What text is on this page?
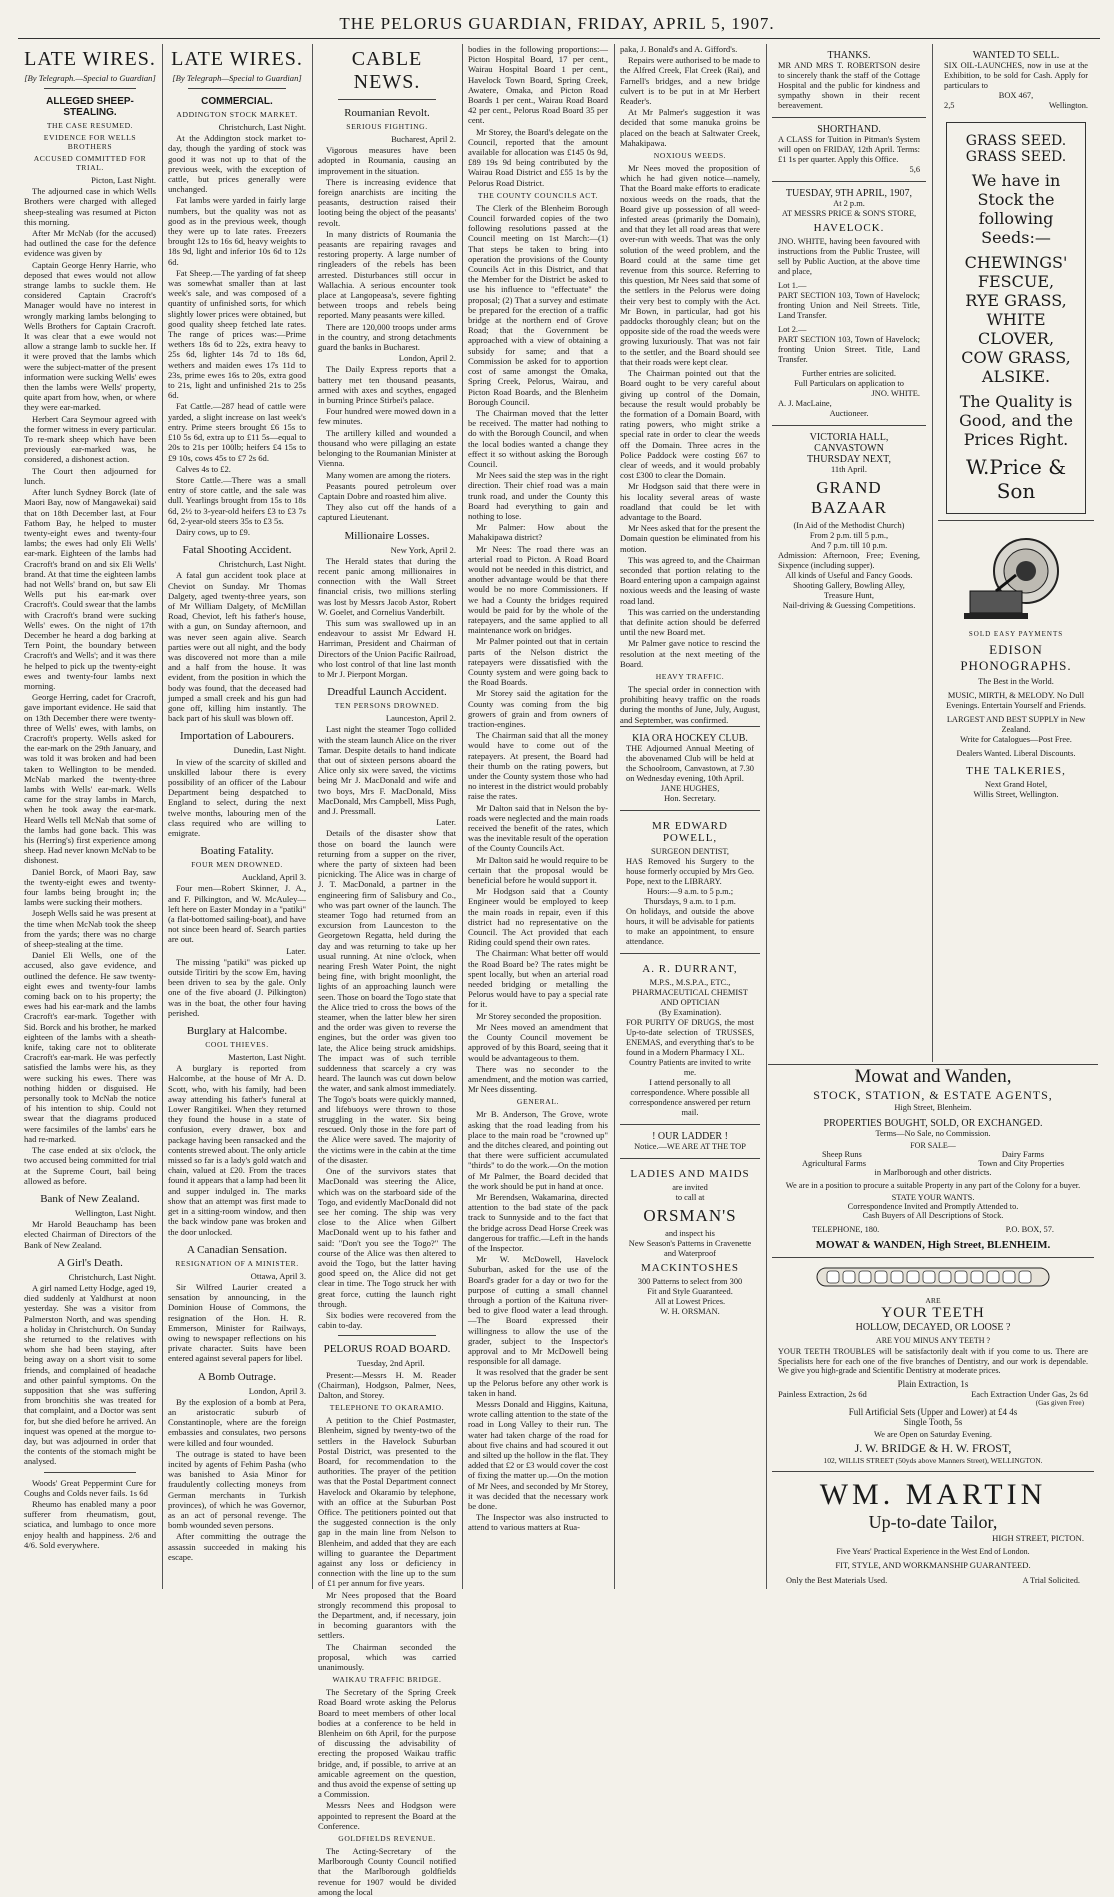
THE PELORUS GUARDIAN, FRIDAY, APRIL 5, 1907.
LATE WIRES.
[By Telegraph.—Special to Guardian]
ALLEGED SHEEP-STEALING.
THE CASE RESUMED.
EVIDENCE FOR WELLS BROTHERS
ACCUSED COMMITTED FOR TRIAL.

Picton, Last Night.

The adjourned case in which Wells Brothers were charged with alleged sheep-stealing was resumed at Picton this morning.

After Mr McNab (for the accused) had outlined the case for the defence evidence was given by

Captain George Henry Harrie, who deposed that ewes would not allow strange lambs to suckle them. He considered Captain Cracroft's Manager would have no interest in wrongly marking lambs belonging to Wells Brothers for Captain Cracroft. It was clear that a ewe would not allow a strange lamb to suckle her. If it were proved that the lambs which were the subject-matter of the present information were sucking Wells' ewes then the lambs were Wells' property, quite apart from how, when, or where they were ear-marked.

Herbert Cara Seymour agreed with the former witness in every particular. To re-mark sheep which have been previously ear-marked was, he considered, a dishonest action.

The Court then adjourned for lunch.

After lunch Sydney Borck (late of Maori Bay, now of Mangawekai) said that on 18th December last, at Four Fathom Bay, he helped to muster twenty-eight ewes and twenty-four lambs; the ewes had only Eli Wells' ear-mark. Eighteen of the lambs had Cracroft's brand on and six Eli Wells' brand. At that time the eighteen lambs had not Wells' brand on, but saw Eli Wells put his ear-mark over Cracroft's. Could swear that the lambs with Cracroft's brand were sucking Wells' ewes. On the night of 17th December he heard a dog barking at Tern Point, the boundary between Cracroft's and Wells'; and it was there he helped to pick up the twenty-eight ewes and twenty-four lambs next morning.

George Herring, cadet for Cracroft, gave important evidence. He said that on 13th December there were twenty-three of Wells' ewes, with lambs, on Cracroft's property. Wells asked for the ear-mark on the 29th January, and was told it was broken and had been taken to Wellington to be mended. McNab marked the twenty-three lambs with Wells' ear-mark. Wells came for the stray lambs in March, when he took away the ear-mark. Heard Wells tell McNab that some of the lambs had gone back. This was his (Herring's) first experience among sheep. Had never known McNab to be dishonest.

Daniel Borck, of Maori Bay, saw the twenty-eight ewes and twenty-four lambs being brought in; the lambs were sucking their mothers.

Joseph Wells said he was present at the time when McNab took the sheep from the yards; there was no charge of sheep-stealing at the time.

Daniel Eli Wells, one of the accused, also gave evidence, and outlined the defence. He saw twenty-eight ewes and twenty-four lambs coming back on to his property; the ewes had his ear-mark and the lambs Cracroft's ear-mark. Together with Sid. Borck and his brother, he marked eighteen of the lambs with a sheath-knife, taking care not to obliterate Cracroft's ear-mark. He was perfectly satisfied the lambs were his, as they were sucking his ewes. There was nothing hidden or disguised. He personally took to McNab the notice of his intention to ship. Could not swear that the diagrams produced were facsimiles of the lambs' ears he had re-marked.

The case ended at six o'clock, the two accused being committed for trial at the Supreme Court, bail being allowed as before.

Bank of New Zealand.

Wellington, Last Night.

Mr Harold Beauchamp has been elected Chairman of Directors of the Bank of New Zealand.

A Girl's Death.

Christchurch, Last Night.

A girl named Letty Hodge, aged 19, died suddenly at Yaldhurst at noon yesterday. She was a visitor from Palmerston North, and was spending a holiday in Christchurch. On Sunday she returned to the relatives with whom she had been staying, after being away on a short visit to some friends, and complained of headache and other painful symptoms. On the supposition that she was suffering from bronchitis she was treated for that complaint, and a Doctor was sent for, but she died before he arrived. An inquest was opened at the morgue to-day, but was adjourned in order that the contents of the stomach might be analysed.

Woods' Great Peppermint Cure for Coughs and Colds never fails. 1s 6d

Rheumo has enabled many a poor sufferer from rheumatism, gout, sciatica, and lumbago to once more enjoy health and happiness. 2/6 and 4/6. Sold everywhere.

LATE WIRES.
[By Telegraph—Special to Guardian]
COMMERCIAL.
ADDINGTON STOCK MARKET.

Christchurch, Last Night.

At the Addington stock market to-day, though the yarding of stock was good it was not up to that of the previous week, with the exception of cattle, but prices generally were unchanged.

Fat lambs were yarded in fairly large numbers, but the quality was not as good as in the previous week, though they were up to late rates. Freezers brought 12s to 16s 6d, heavy weights to 18s 9d, light and inferior 10s 6d to 12s 6d.

Fat Sheep.—The yarding of fat sheep was somewhat smaller than at last week's sale, and was composed of a quantity of unfinished sorts, for which slightly lower prices were obtained, but good quality sheep fetched late rates. The range of prices was:—Prime wethers 18s 6d to 22s, extra heavy to 25s 6d, lighter 14s 7d to 18s 6d, wethers and maiden ewes 17s 11d to 23s, prime ewes 16s to 20s, extra good to 21s, light and unfinished 21s to 25s 6d.

Fat Cattle.—287 head of cattle were yarded, a slight increase on last week's entry. Prime steers brought £6 15s to £10 5s 6d, extra up to £11 5s—equal to 20s to 21s per 100lb; heifers £4 15s to £9 10s, cows 45s to £7 2s 6d.

Calves 4s to £2.

Store Cattle.—There was a small entry of store cattle, and the sale was dull. Yearlings brought from 15s to 18s 6d, 2½ to 3-year-old heifers £3 to £3 7s 6d, 2-year-old steers 35s to £3 5s.

Dairy cows, up to £9.

Fatal Shooting Accident.

Christchurch, Last Night.

A fatal gun accident took place at Cheviot on Sunday. Mr Thomas Dalgety, aged twenty-three years, son of Mr William Dalgety, of McMillan Road, Cheviot, left his father's house, with a gun, on Sunday afternoon, and was never seen again alive. Search parties were out all night, and the body was discovered not more than a mile and a half from the house. It was evident, from the position in which the body was found, that the deceased had jumped a small creek and his gun had gone off, killing him instantly. The back part of his skull was blown off.

Importation of Labourers.

Dunedin, Last Night.

In view of the scarcity of skilled and unskilled labour there is every possibility of an officer of the Labour Department being despatched to England to select, during the next twelve months, labouring men of the class required who are willing to emigrate.

Boating Fatality.
FOUR MEN DROWNED.

Auckland, April 3.

Four men—Robert Skinner, J. A., and F. Pilkington, and W. McAuley—left here on Easter Monday in a "patiki" (a flat-bottomed sailing-boat), and have not since been heard of. Search parties are out.

Later.

The missing "patiki" was picked up outside Tiritiri by the scow Em, having been driven to sea by the gale. Only one of the five aboard (J. Pilkington) was in the boat, the other four having perished.

Burglary at Halcombe.
COOL THIEVES.

Masterton, Last Night.

A burglary is reported from Halcombe, at the house of Mr A. D. Scott, who, with his family, had been away attending his father's funeral at Lower Rangitikei. When they returned they found the house in a state of confusion, every drawer, box and package having been ransacked and the contents strewed about. The only article missed so far is a lady's gold watch and chain, valued at £20. From the traces found it appears that a lamp had been lit and supper indulged in. The marks show that an attempt was first made to get in a sitting-room window, and then the back window pane was broken and the door unlocked.

A Canadian Sensation.
RESIGNATION OF A MINISTER.

Ottawa, April 3.

Sir Wilfred Laurier created a sensation by announcing, in the Dominion House of Commons, the resignation of the Hon. H. R. Emmerson, Minister for Railways, owing to newspaper reflections on his private character. Suits have been entered against several papers for libel.

A Bomb Outrage.

London, April 3.

By the explosion of a bomb at Pera, an aristocratic suburb of Constantinople, where are the foreign embassies and consulates, two persons were killed and four wounded.

The outrage is stated to have been incited by agents of Fehim Pasha (who was banished to Asia Minor for fraudulently collecting moneys from German merchants in Turkish provinces), of which he was Governor, as an act of personal revenge. The bomb wounded seven persons.

After committing the outrage the assassin succeeded in making his escape.

CABLE NEWS.
Roumanian Revolt.
SERIOUS FIGHTING.

Bucharest, April 2.

Vigorous measures have been adopted in Roumania, causing an improvement in the situation.

There is increasing evidence that foreign anarchists are inciting the peasants, destruction raised their looting being the object of the peasants' revolt.

In many districts of Roumania the peasants are repairing ravages and restoring property. A large number of ringleaders of the rebels has been arrested. Disturbances still occur in Wallachia. A serious encounter took place at Langopeasa's, severe fighting between troops and rebels being reported. Many peasants were killed.

There are 120,000 troops under arms in the country, and strong detachments guard the banks in Bucharest.

London, April 2.

The Daily Express reports that a battery met ten thousand peasants, armed with axes and scythes, engaged in burning Prince Stirbei's palace.

Four hundred were mowed down in a few minutes.

The artillery killed and wounded a thousand who were pillaging an estate belonging to the Roumanian Minister at Vienna.

Many women are among the rioters.

Peasants poured petroleum over Captain Dobre and roasted him alive.

They also cut off the hands of a captured Lieutenant.

Millionaire Losses.

New York, April 2.

The Herald states that during the recent panic among millionaires in connection with the Wall Street financial crisis, two millions sterling was lost by Messrs Jacob Astor, Robert W. Goelet, and Cornelius Vanderbilt.

This sum was swallowed up in an endeavour to assist Mr Edward H. Harriman, President and Chairman of Directors of the Union Pacific Railroad, who lost control of that line last month to Mr J. Pierpont Morgan.

Dreadful Launch Accident.
TEN PERSONS DROWNED.

Launceston, April 2.

Last night the steamer Togo collided with the steam launch Alice on the river Tamar. Despite details to hand indicate that out of sixteen persons aboard the Alice only six were saved, the victims being Mr J. MacDonald and wife and two boys, Mrs F. MacDonald, Miss MacDonald, Mrs Campbell, Miss Pugh, and J. Pressmall.

Later.

Details of the disaster show that those on board the launch were returning from a supper on the river, where the party of sixteen had been picnicking. The Alice was in charge of J. T. MacDonald, a partner in the engineering firm of Salisbury and Co., who was part owner of the launch. The steamer Togo had returned from an excursion from Launceston to the Georgetown Regatta, held during the day and was returning to take up her usual running. At nine o'clock, when nearing Fresh Water Point, the night being fine, with bright moonlight, the lights of an approaching launch were seen. Those on board the Togo state that the Alice tried to cross the bows of the steamer, when the latter blew her siren and the order was given to reverse the engines, but the order was given too late, the Alice being struck amidships. The impact was of such terrible suddenness that scarcely a cry was heard. The launch was cut down below the water, and sank almost immediately. The Togo's boats were quickly manned, and lifebuoys were thrown to those struggling in the water. Six being rescued. Only those in the fore part of the Alice were saved. The majority of the victims were in the cabin at the time of the disaster.

One of the survivors states that MacDonald was steering the Alice, which was on the starboard side of the Togo, and evidently MacDonald did not see her coming. The ship was very close to the Alice when Gilbert MacDonald went up to his father and said: "Don't you see the Togo?" The course of the Alice was then altered to avoid the Togo, but the latter having good speed on, the Alice did not get clear in time. The Togo struck her with great force, cutting the launch right through.

Six bodies were recovered from the cabin to-day.

PELORUS ROAD BOARD.

Tuesday, 2nd April.

Present:—Messrs H. M. Reader (Chairman), Hodgson, Palmer, Nees, Dalton, and Storey.

TELEPHONE TO OKARAMIO.

A petition to the Chief Postmaster, Blenheim, signed by twenty-two of the settlers in the Havelock Suburban Postal District, was presented to the Board, for recommendation to the authorities. The prayer of the petition was that the Postal Department connect Havelock and Okaramio by telephone, with an office at the Suburban Post Office. The petitioners pointed out that the suggested connection is the only gap in the main line from Nelson to Blenheim, and added that they are each willing to guarantee the Department against any loss or deficiency in connection with the line up to the sum of £1 per annum for five years.

Mr Nees proposed that the Board strongly recommend this proposal to the Department, and, if necessary, join in becoming guarantors with the settlers.

The Chairman seconded the proposal, which was carried unanimously.

WAIKAU TRAFFIC BRIDGE.

The Secretary of the Spring Creek Road Board wrote asking the Pelorus Board to meet members of other local bodies at a conference to be held in Blenheim on 6th April, for the purpose of discussing the advisability of erecting the proposed Waikau traffic bridge, and, if possible, to arrive at an amicable agreement on the question, and thus avoid the expense of setting up a Commission.

Messrs Nees and Hodgson were appointed to represent the Board at the Conference.

GOLDFIELDS REVENUE.

The Acting-Secretary of the Marlborough County Council notified that the Marlborough goldfields revenue for 1907 would be divided among the local

bodies in the following proportions:—Picton Hospital Board, 17 per cent., Wairau Hospital Board 1 per cent., Havelock Town Board, Spring Creek, Awatere, Omaka, and Picton Road Boards 1 per cent., Wairau Road Board 42 per cent., Pelorus Road Board 35 per cent.

Mr Storey, the Board's delegate on the Council, reported that the amount available for allocation was £145 0s 9d, £89 19s 9d being contributed by the Wairau Road District and £55 1s by the Pelorus Road District.

THE COUNTY COUNCILS ACT.

The Clerk of the Blenheim Borough Council forwarded copies of the two following resolutions passed at the Council meeting on 1st March:—(1) That steps be taken to bring into operation the provisions of the County Councils Act in this District, and that the Member for the District be asked to use his influence to "effectuate" the proposal; (2) That a survey and estimate be prepared for the erection of a traffic bridge at the northern end of Grove Road; that the Government be approached with a view of obtaining a subsidy for same; and that a Commission be asked for to apportion cost of same amongst the Omaka, Spring Creek, Pelorus, Wairau, and Picton Road Boards, and the Blenheim Borough Council.

The Chairman moved that the letter be received. The matter had nothing to do with the Borough Council, and when the local bodies wanted a change they effect it so without asking the Borough Council.

Mr Nees said the step was in the right direction. Their chief road was a main trunk road, and under the County this Board had everything to gain and nothing to lose.

Mr Palmer: How about the Mahakipawa district?

Mr Nees: The road there was an arterial road to Picton. A Road Board would not be needed in this district, and another advantage would be that there would be no more Commissioners. If we had a County the bridges required would be paid for by the whole of the ratepayers, and the same applied to all maintenance work on bridges.

Mr Palmer pointed out that in certain parts of the Nelson district the ratepayers were dissatisfied with the County system and were going back to the Road Boards.

Mr Storey said the agitation for the County was coming from the big growers of grain and from owners of traction-engines.

The Chairman said that all the money would have to come out of the ratepayers. At present, the Board had their thumb on the rating powers, but under the County system those who had no interest in the district would probably raise the rates.

Mr Dalton said that in Nelson the by-roads were neglected and the main roads received the benefit of the rates, which was the inevitable result of the operation of the County Councils Act.

Mr Dalton said he would require to be certain that the proposal would be beneficial before he would support it.

Mr Hodgson said that a County Engineer would be employed to keep the main roads in repair, even if this district had no representative on the Council. The Act provided that each Riding could spend their own rates.

The Chairman: What better off would the Road Board be? The rates might be spent locally, but when an arterial road needed bridging or metalling the Pelorus would have to pay a special rate for it.

Mr Storey seconded the proposition.

Mr Nees moved an amendment that the County Council movement be approved of by this Board, seeing that it would be advantageous to them.

There was no seconder to the amendment, and the motion was carried, Mr Nees dissenting.

GENERAL.

Mr B. Anderson, The Grove, wrote asking that the road leading from his place to the main road be "crowned up" and the ditches cleared, and pointing out that there were sufficient accumulated "thirds" to do the work.—On the motion of Mr Palmer, the Board decided that the work should be put in hand at once.

Mr Berendsen, Wakamarina, directed attention to the bad state of the pack track to Sunnyside and to the fact that the bridge across Dead Horse Creek was dangerous for traffic.—Left in the hands of the Inspector.

Mr W. McDowell, Havelock Suburban, asked for the use of the Board's grader for a day or two for the purpose of cutting a small channel through a portion of the Kaituna river-bed to give flood water a lead through.—The Board expressed their willingness to allow the use of the grader, subject to the Inspector's approval and to Mr McDowell being responsible for all damage.

It was resolved that the grader be sent up the Pelorus before any other work is taken in hand.

Messrs Donald and Higgins, Kaituna, wrote calling attention to the state of the road in Long Valley to their run. The water had taken charge of the road for about five chains and had scoured it out and silted up the hollow in the flat. They added that £2 or £3 would cover the cost of fixing the matter up.—On the motion of Mr Nees, and seconded by Mr Storey, it was decided that the necessary work be done.

The Inspector was also instructed to attend to various matters at Rua-

paka, J. Bonald's and A. Gifford's.

Repairs were authorised to be made to the Alfred Creek, Flat Creek (Rai), and Farnell's bridges, and a new bridge culvert is to be put in at Mr Herbert Reader's.

At Mr Palmer's suggestion it was decided that some manuka groins be placed on the beach at Saltwater Creek, Mahakipawa.

NOXIOUS WEEDS.

Mr Nees moved the proposition of which he had given notice—namely, That the Board make efforts to eradicate noxious weeds on the roads, that the Board give up possession of all weed-infested areas (primarily the Domain), and that they let all road areas that were over-run with weeds. That was the only solution of the weed problem, and the Board could at the same time get revenue from this source. Referring to this question, Mr Nees said that some of the settlers in the Pelorus were doing their very best to comply with the Act. Mr Bown, in particular, had got his paddocks thoroughly clean; but on the opposite side of the road the weeds were growing luxuriously. That was not fair to the settler, and the Board should see that their roads were kept clear.

The Chairman pointed out that the Board ought to be very careful about giving up control of the Domain, because the result would probably be the formation of a Domain Board, with rating powers, who might strike a special rate in order to clear the weeds off the Domain. Three acres in the Police Paddock were costing £67 to clear of weeds, and it would probably cost £300 to clear the Domain.

Mr Hodgson said that there were in his locality several areas of waste roadland that could be let with advantage to the Board.

Mr Nees asked that for the present the Domain question be eliminated from his motion.

This was agreed to, and the Chairman seconded that portion relating to the Board entering upon a campaign against noxious weeds and the leasing of waste road land.

This was carried on the understanding that definite action should be deferred until the new Board met.

Mr Palmer gave notice to rescind the resolution at the next meeting of the Board.

HEAVY TRAFFIC.

The special order in connection with prohibiting heavy traffic on the roads during the months of June, July, August, and September, was confirmed.

KIA ORA HOCKEY CLUB.
THE Adjourned Annual Meeting of the abovenamed Club will be held at the Schoolroom, Canvastown, at 7.30 on Wednesday evening, 10th April.
JANE HUGHES,
Hon. Secretary.
MR EDWARD POWELL,
SURGEON DENTIST,
HAS Removed his Surgery to the house formerly occupied by Mrs Geo. Pope, next to the LIBRARY.
Hours:—9 a.m. to 5 p.m.;
Thursdays, 9 a.m. to 1 p.m.
On holidays, and outside the above hours, it will be advisable for patients to make an appointment, to ensure attendance.
A. R. DURRANT,
M.P.S., M.S.P.A., ETC.,
PHARMACEUTICAL CHEMIST AND OPTICIAN
(By Examination).
FOR PURITY OF DRUGS, the most Up-to-date selection of TRUSSES, ENEMAS, and everything that's to be found in a Modern Pharmacy I XL.
Country Patients are invited to write me.
I attend personally to all correspondence. Where possible all correspondence answered per return mail.
! OUR LADDER !
Notice.—WE ARE AT THE TOP
LADIES AND MAIDS
are invited
to call at
ORSMAN'S
and inspect his
New Season's Patterns in Cravenette and Waterproof
MACKINTOSHES
300 Patterns to select from 300
Fit and Style Guaranteed.
All at Lowest Prices.
W. H. ORSMAN.
THANKS.
MR AND MRS T. ROBERTSON desire to sincerely thank the staff of the Cottage Hospital and the public for kindness and sympathy shown in their recent bereavement.
SHORTHAND.
A CLASS for Tuition in Pitman's System will open on FRIDAY, 12th April. Terms: £1 1s per quarter. Apply this Office.
5,6
TUESDAY, 9TH APRIL, 1907,
At 2 p.m.
AT MESSRS PRICE & SON'S STORE,
HAVELOCK.
JNO. WHITE, having been favoured with instructions from the Public Trustee, will sell by Public Auction, at the above time and place,
Lot 1.—
PART SECTION 103, Town of Havelock; fronting Union and Neil Streets. Title, Land Transfer.
Lot 2.—
PART SECTION 103, Town of Havelock; fronting Union Street. Title, Land Transfer.
Further entries are solicited.
Full Particulars on application to
JNO. WHITE.
A. J. MacLaine,
Auctioneer.
VICTORIA HALL, CANVASTOWN
THURSDAY NEXT,
11th April.
GRAND BAZAAR
(In Aid of the Methodist Church)
From 2 p.m. till 5 p.m.,
And 7 p.m. till 10 p.m.
Admission: Afternoon, Free; Evening, Sixpence (including supper).
All kinds of Useful and Fancy Goods.
Shooting Gallery, Bowling Alley,
Treasure Hunt,
Nail-driving & Guessing Competitions.
WANTED TO SELL.
SIX OIL-LAUNCHES, now in use at the Exhibition, to be sold for Cash. Apply for particulars to
BOX 467,
2,5	Wellington.
GRASS SEED.
GRASS SEED.
We have in Stock the following Seeds:—
CHEWINGS' FESCUE,
RYE GRASS,
WHITE CLOVER,
COW GRASS,
ALSIKE.
The Quality is Good, and the Prices Right.
W.Price & Son
SOLD EASY PAYMENTS
EDISON PHONOGRAPHS.
The Best in the World.
MUSIC, MIRTH, & MELODY. No Dull Evenings. Entertain Yourself and Friends.
LARGEST AND BEST SUPPLY in New Zealand.
Write for Catalogues—Post Free.
Dealers Wanted. Liberal Discounts.
THE TALKERIES,
Next Grand Hotel,
Willis Street, Wellington.
Mowat and Wanden,
STOCK, STATION, & ESTATE AGENTS,
High Street, Blenheim.
PROPERTIES BOUGHT, SOLD, OR EXCHANGED.
Terms—No Sale, no Commission.
FOR SALE—
Sheep Runs	Dairy Farms
Agricultural Farms	Town and City Properties
in Marlborough and other districts.
We are in a position to procure a suitable Property in any part of the Colony for a buyer.
STATE YOUR WANTS.
Correspondence Invited and Promptly Attended to.
Cash Buyers of All Descriptions of Stock.
TELEPHONE, 180.	P.O. BOX, 57.
MOWAT & WANDEN, High Street, BLENHEIM.
ARE
YOUR TEETH
HOLLOW, DECAYED, OR LOOSE ?
ARE YOU MINUS ANY TEETH ?
YOUR TEETH TROUBLES will be satisfactorily dealt with if you come to us. There are Specialists here for each one of the five branches of Dentistry, and our work is dependable. We give you high-grade and Scientific Dentistry at moderate prices.
Plain Extraction, 1s
Painless Extraction, 2s 6d	Each Extraction Under Gas, 2s 6d
(Gas given Free)
Full Artificial Sets (Upper and Lower) at £4 4s
Single Tooth, 5s
We are Open on Saturday Evening.
J. W. BRIDGE & H. W. FROST,
102, WILLIS STREET (50yds above Manners Street), WELLINGTON.
WM. MARTIN
Up-to-date Tailor,
HIGH STREET, PICTON.
Five Years' Practical Experience in the West End of London.
FIT, STYLE, AND WORKMANSHIP GUARANTEED.
Only the Best Materials Used.	A Trial Solicited.
